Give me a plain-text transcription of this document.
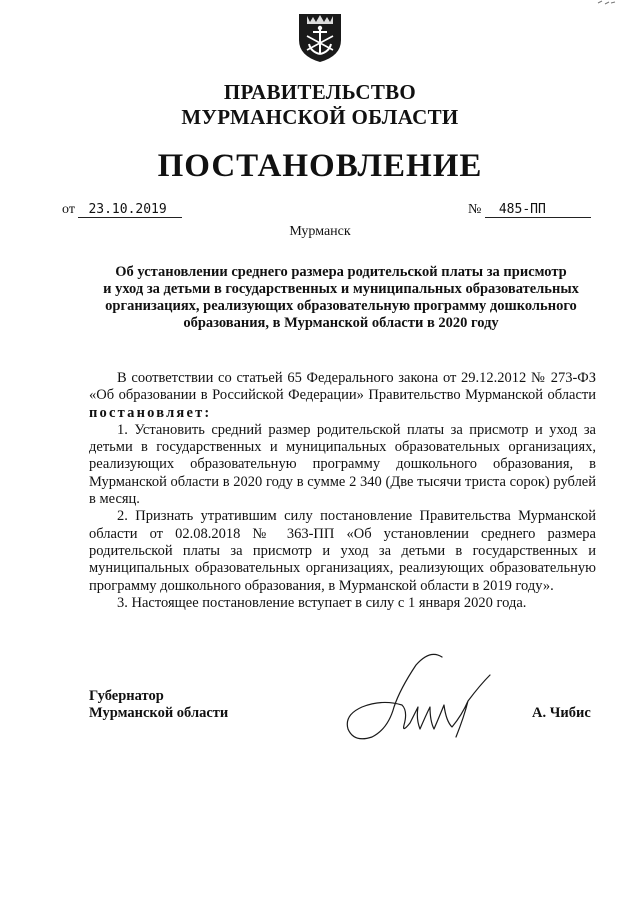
ПРАВИТЕЛЬСТВО
МУРМАНСКОЙ ОБЛАСТИ
ПОСТАНОВЛЕНИЕ
от 23.10.2019	№ 485-ПП
Мурманск
Об установлении среднего размера родительской платы за присмотр
и уход за детьми в государственных и муниципальных образовательных
организациях, реализующих образовательную программу дошкольного
образования, в Мурманской области в 2020 году

В соответствии со статьей 65 Федерального закона от 29.12.2012 № 273-ФЗ «Об образовании в Российской Федерации» Правительство Мурманской области постановляет:

1. Установить средний размер родительской платы за присмотр и уход за детьми в государственных и муниципальных образовательных организациях, реализующих образовательную программу дошкольного образования, в Мурманской области в 2020 году в сумме 2 340 (Две тысячи триста сорок) рублей в месяц.

2. Признать утратившим силу постановление Правительства Мурманской области от 02.08.2018 № 363-ПП «Об установлении среднего размера родительской платы за присмотр и уход за детьми в государственных и муниципальных образовательных организациях, реализующих образовательную программу дошкольного образования, в Мурманской области в 2019 году».

3. Настоящее постановление вступает в силу с 1 января 2020 года.

Губернатор
Мурманской области	А. Чибис
